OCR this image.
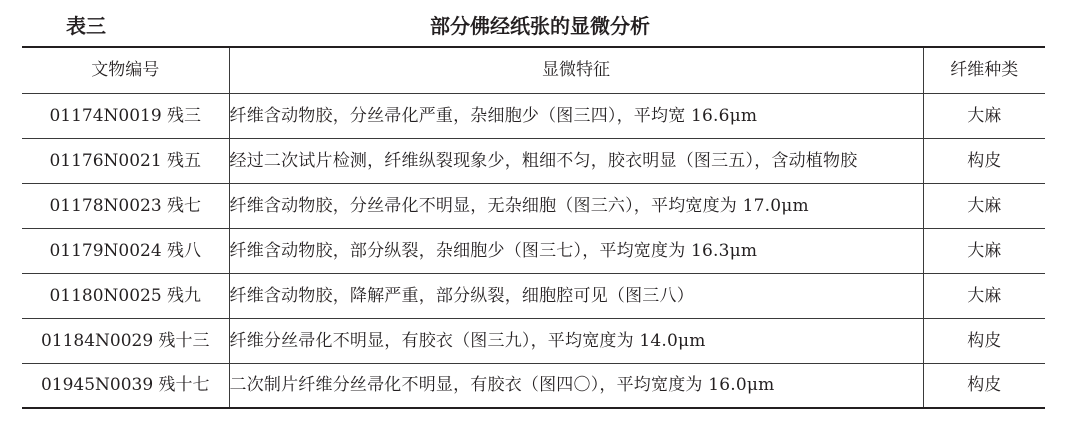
表三	部分佛经纸张的显微分析
文物编号	显微特征	纤维种类
01174N0019 残三	纤维含动物胶，分丝帚化严重，杂细胞少（图三四），平均宽 16.6μm	大麻
01176N0021 残五	经过二次试片检测，纤维纵裂现象少，粗细不匀，胶衣明显（图三五），含动植物胶	构皮
01178N0023 残七	纤维含动物胶，分丝帚化不明显，无杂细胞（图三六），平均宽度为 17.0μm	大麻
01179N0024 残八	纤维含动物胶，部分纵裂，杂细胞少（图三七），平均宽度为 16.3μm	大麻
01180N0025 残九	纤维含动物胶，降解严重，部分纵裂，细胞腔可见（图三八）	大麻
01184N0029 残十三	纤维分丝帚化不明显，有胶衣（图三九），平均宽度为 14.0μm	构皮
01945N0039 残十七	二次制片纤维分丝帚化不明显，有胶衣（图四〇），平均宽度为 16.0μm	构皮
